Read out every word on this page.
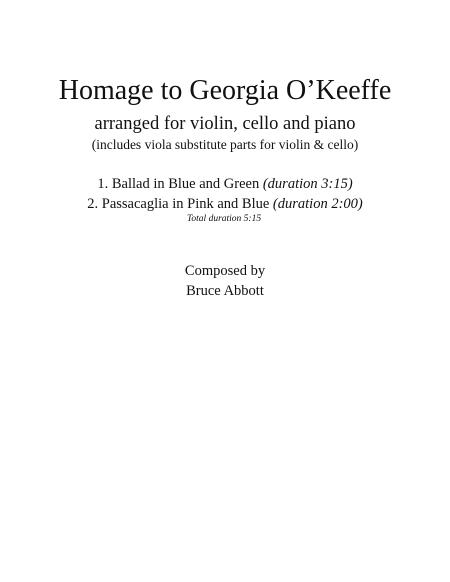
Homage to Georgia O’Keeffe
arranged for violin, cello and piano
(includes viola substitute parts for violin & cello)
1. Ballad in Blue and Green (duration 3:15)
2. Passacaglia in Pink and Blue (duration 2:00)
Total duration 5:15
Composed by
Bruce Abbott
